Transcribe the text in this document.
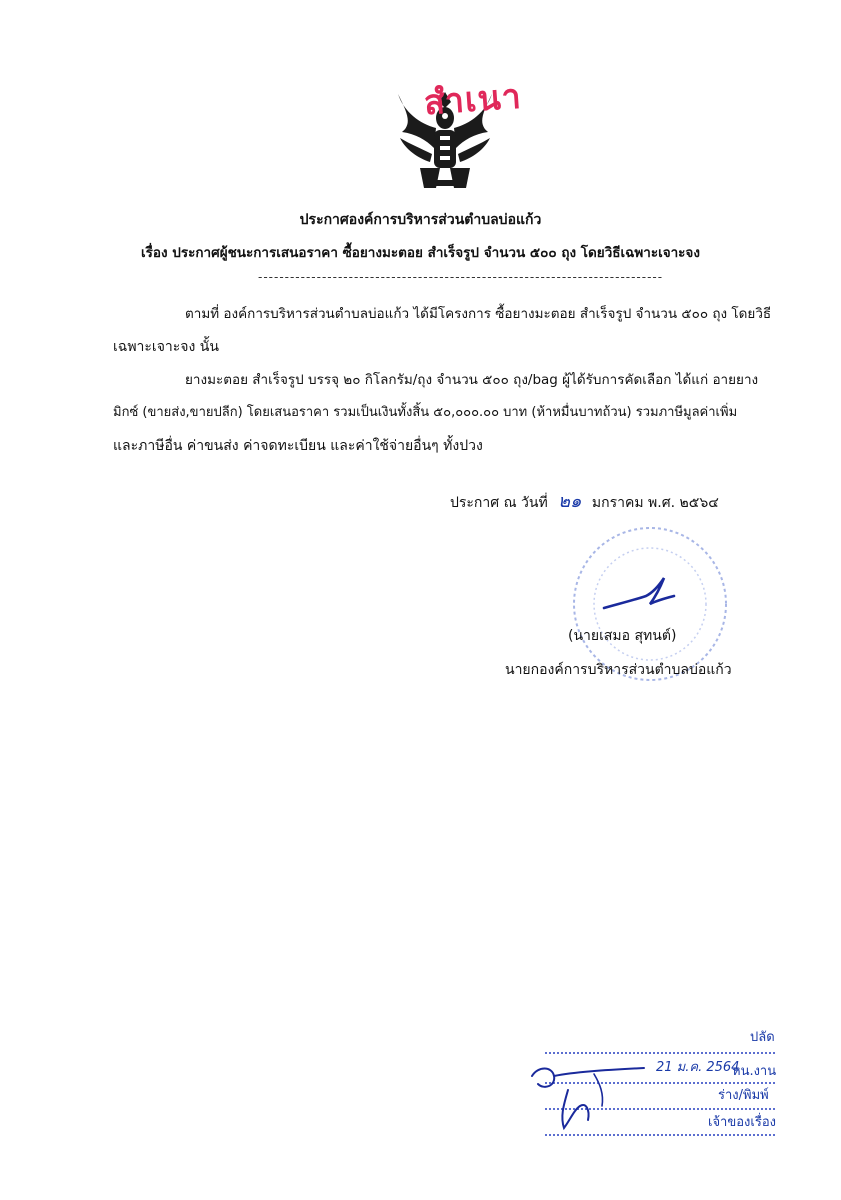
สำเนา
ประกาศองค์การบริหารส่วนตำบลบ่อแก้ว
เรื่อง ประกาศผู้ชนะการเสนอราคา ซื้อยางมะตอย สำเร็จรูป จำนวน ๕๐๐ ถุง โดยวิธีเฉพาะเจาะจง
----------------------------------------------------------------------------
ตามที่ องค์การบริหารส่วนตำบลบ่อแก้ว ได้มีโครงการ ซื้อยางมะตอย สำเร็จรูป จำนวน ๕๐๐ ถุง โดยวิธี
เฉพาะเจาะจง นั้น
ยางมะตอย สำเร็จรูป บรรจุ ๒๐ กิโลกรัม/ถุง จำนวน ๕๐๐ ถุง/bag ผู้ได้รับการคัดเลือก ได้แก่ อายยาง
มิกซ์ (ขายส่ง,ขายปลีก) โดยเสนอราคา รวมเป็นเงินทั้งสิ้น ๕๐,๐๐๐.๐๐ บาท (ห้าหมื่นบาทถ้วน) รวมภาษีมูลค่าเพิ่ม
และภาษีอื่น ค่าขนส่ง ค่าจดทะเบียน และค่าใช้จ่ายอื่นๆ ทั้งปวง
ประกาศ ณ วันที่ ๒๑ มกราคม พ.ศ. ๒๕๖๔
(นายเสมอ สุทนต์)
นายกองค์การบริหารส่วนตำบลบ่อแก้ว
ปลัด
21 ม.ค. 2564
หน.งาน
ร่าง/พิมพ์
เจ้าของเรื่อง
